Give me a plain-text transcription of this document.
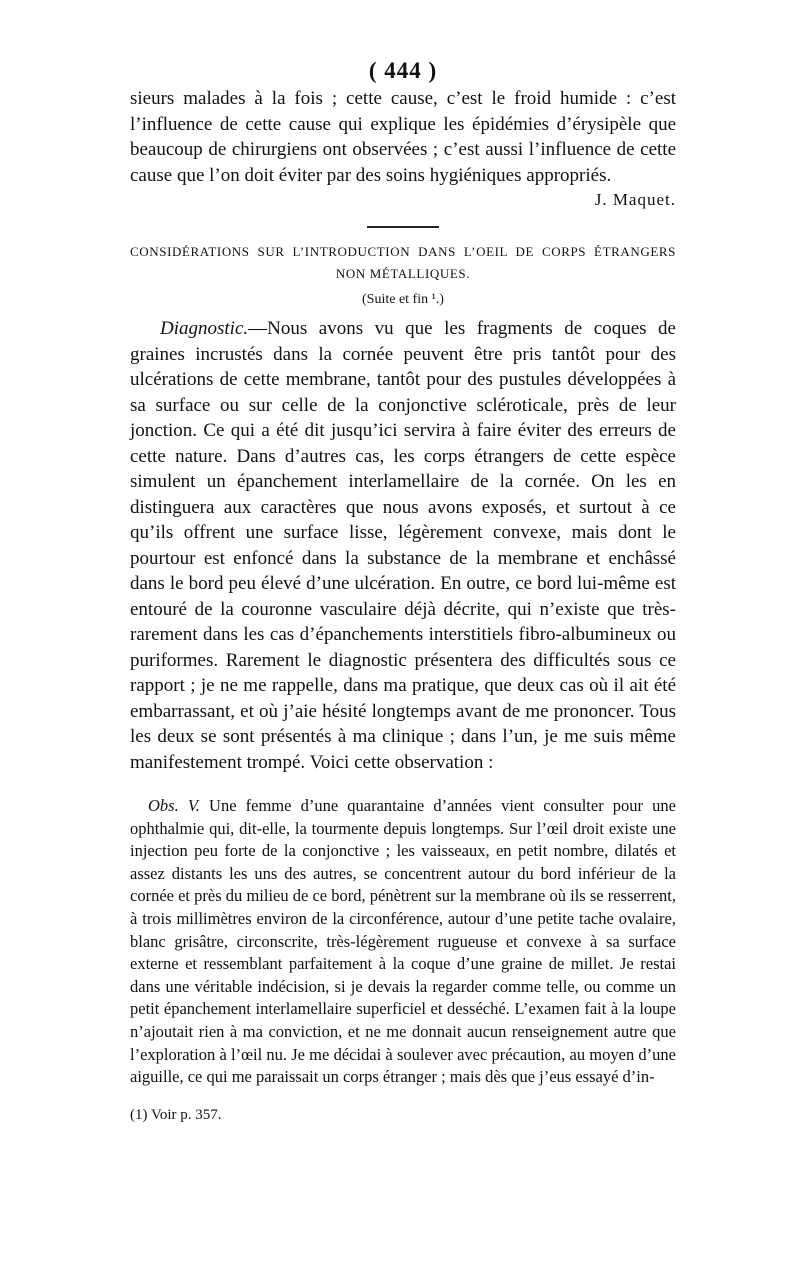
( 444 )

sieurs malades à la fois ; cette cause, c’est le froid humide : c’est l’influence de cette cause qui explique les épidémies d’érysipèle que beaucoup de chirurgiens ont observées ; c’est aussi l’influence de cette cause que l’on doit éviter par des soins hygiéniques appropriés.

J. Maquet.

CONSIDÉRATIONS SUR L’INTRODUCTION DANS L’OEIL DE CORPS ÉTRANGERS

NON MÉTALLIQUES.

(Suite et fin ¹.)

Diagnostic.—Nous avons vu que les fragments de coques de graines incrustés dans la cornée peuvent être pris tantôt pour des ulcérations de cette membrane, tantôt pour des pustules développées à sa surface ou sur celle de la conjonctive scléroticale, près de leur jonction. Ce qui a été dit jusqu’ici servira à faire éviter des erreurs de cette nature. Dans d’autres cas, les corps étrangers de cette espèce simulent un épanchement interlamellaire de la cornée. On les en distinguera aux caractères que nous avons exposés, et surtout à ce qu’ils offrent une surface lisse, légèrement convexe, mais dont le pourtour est enfoncé dans la substance de la membrane et enchâssé dans le bord peu élevé d’une ulcération. En outre, ce bord lui-même est entouré de la couronne vasculaire déjà décrite, qui n’existe que très-rarement dans les cas d’épanchements interstitiels fibro-albumineux ou puriformes. Rarement le diagnostic présentera des difficultés sous ce rapport ; je ne me rappelle, dans ma pratique, que deux cas où il ait été embarrassant, et où j’aie hésité longtemps avant de me prononcer. Tous les deux se sont présentés à ma clinique ; dans l’un, je me suis même manifestement trompé. Voici cette observation :

Obs. V. Une femme d’une quarantaine d’années vient consulter pour une ophthalmie qui, dit-elle, la tourmente depuis longtemps. Sur l’œil droit existe une injection peu forte de la conjonctive ; les vaisseaux, en petit nombre, dilatés et assez distants les uns des autres, se concentrent autour du bord inférieur de la cornée et près du milieu de ce bord, pénètrent sur la membrane où ils se resserrent, à trois millimètres environ de la circonférence, autour d’une petite tache ovalaire, blanc grisâtre, circonscrite, très-légèrement rugueuse et convexe à sa surface externe et ressemblant parfaitement à la coque d’une graine de millet. Je restai dans une véritable indécision, si je devais la regarder comme telle, ou comme un petit épanchement interlamellaire superficiel et desséché. L’examen fait à la loupe n’ajoutait rien à ma conviction, et ne me donnait aucun renseignement autre que l’exploration à l’œil nu. Je me décidai à soulever avec précaution, au moyen d’une aiguille, ce qui me paraissait un corps étranger ; mais dès que j’eus essayé d’in-

(1) Voir p. 357.
